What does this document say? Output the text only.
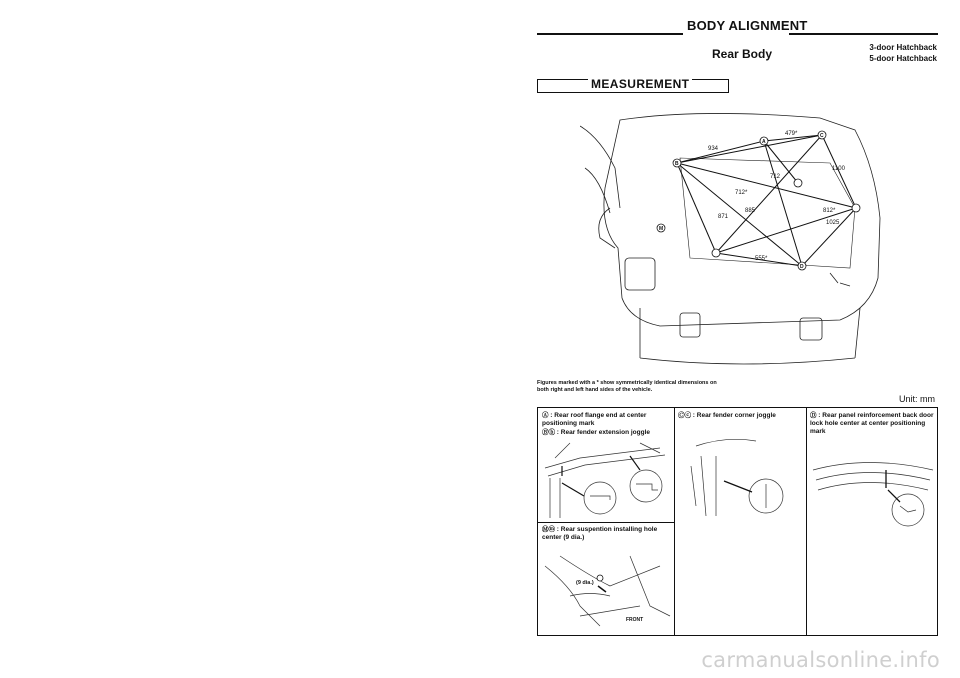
BODY ALIGNMENT
Rear Body	3-door Hatchback
5-door Hatchback
MEASUREMENT
479*
934
1100
712
712*
871
885	812*
1025
555*
A
B
C
D
M
Figures marked with a * show symmetrically identical dimensions on both right and left hand sides of the vehicle.
Unit: mm
Ⓐ : Rear roof flange end at center positioning mark
Ⓑⓑ : Rear fender extension joggle
Ⓜⓜ : Rear suspention installing hole center (9 dia.)
(9 dia.)
FRONT
Ⓒⓒ : Rear fender corner joggle	Ⓓ : Rear panel reinforcement back door lock hole center at center positioning mark
carmanualsonline.info
